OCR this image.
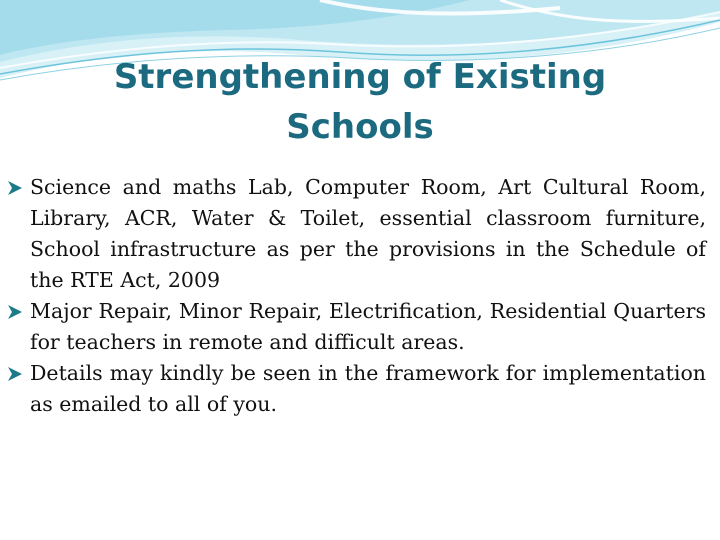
Strengthening of Existing
Schools
Science and maths Lab, Computer Room, Art Cultural Room, Library, ACR, Water & Toilet, essential classroom furniture, School infrastructure as per the provisions in the Schedule of the RTE Act, 2009
Major Repair, Minor Repair, Electrification, Residential Quarters for teachers in remote and difficult areas.
Details may kindly be seen in the framework for implementation as emailed to all of you.
